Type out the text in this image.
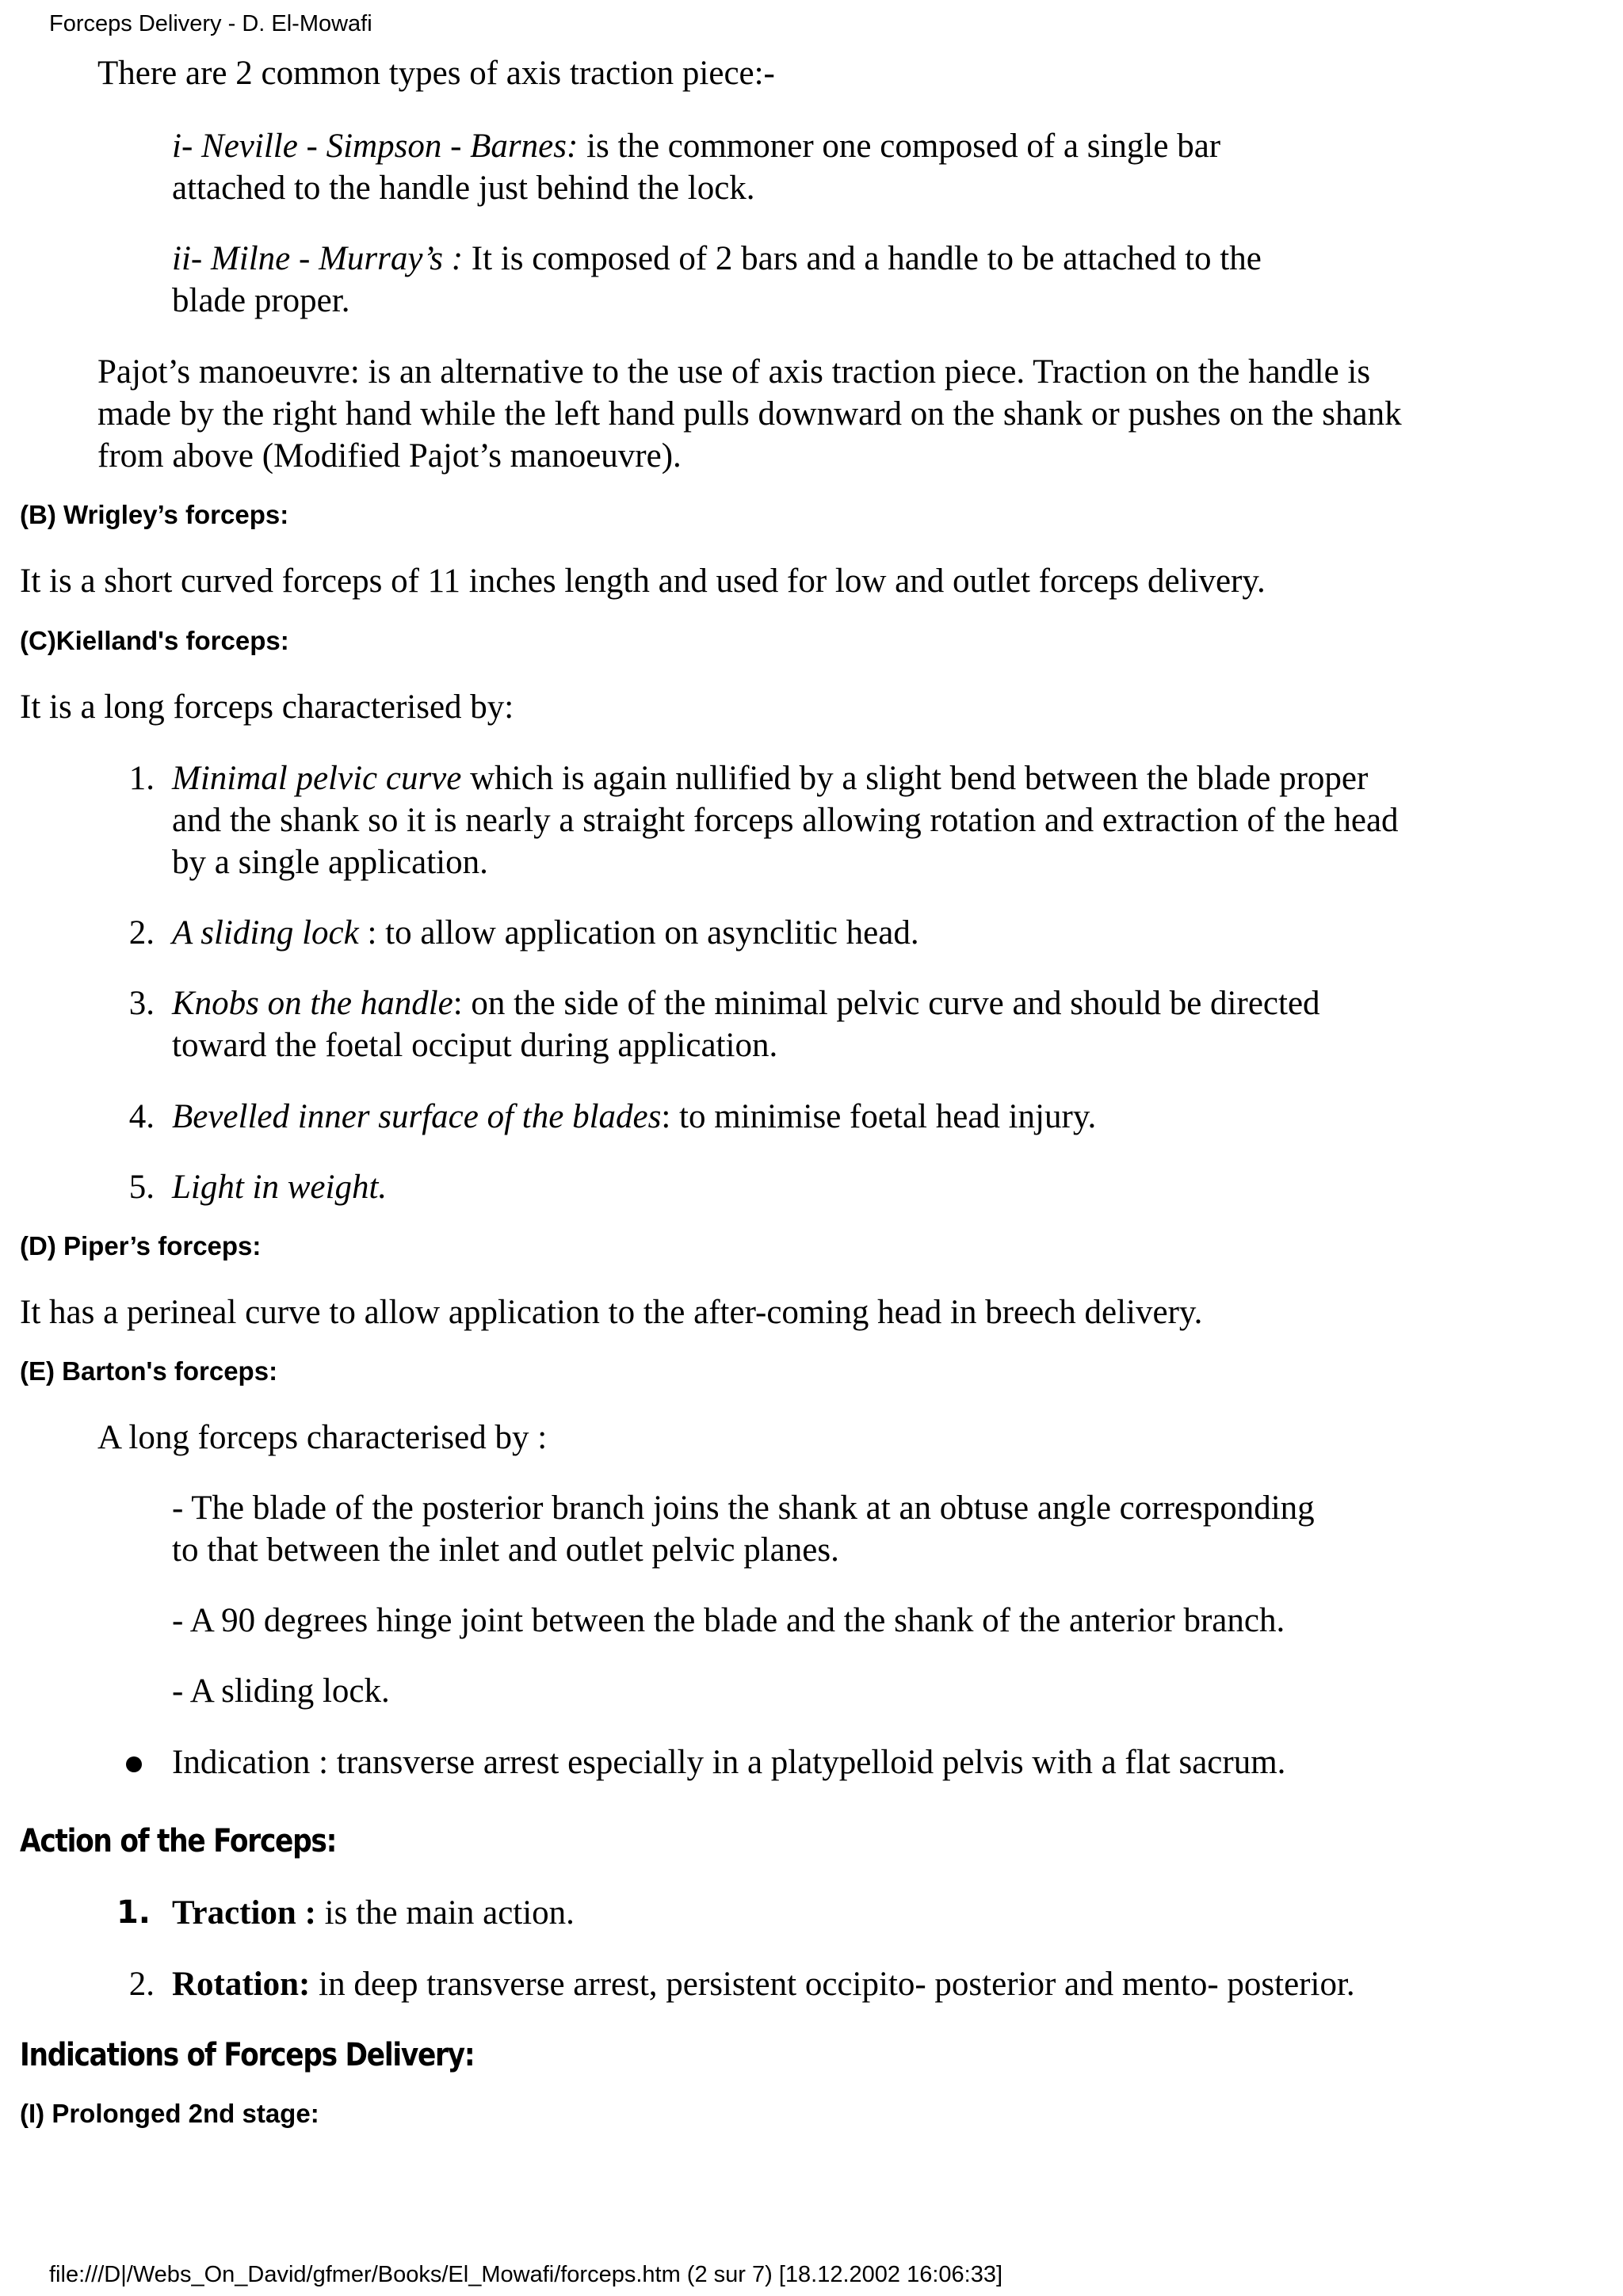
Forceps Delivery - D. El-Mowafi

There are 2 common types of axis traction piece:-

i- Neville - Simpson - Barnes: is the commoner one composed of a single bar

attached to the handle just behind the lock.

ii- Milne - Murray’s : It is composed of 2 bars and a handle to be attached to the

blade proper.

Pajot’s manoeuvre: is an alternative to the use of axis traction piece. Traction on the handle is

made by the right hand while the left hand pulls downward on the shank or pushes on the shank

from above (Modified Pajot’s manoeuvre).

(B) Wrigley’s forceps:

It is a short curved forceps of 11 inches length and used for low and outlet forceps delivery.

(C)Kielland's forceps:

It is a long forceps characterised by:

1. Minimal pelvic curve which is again nullified by a slight bend between the blade proper

and the shank so it is nearly a straight forceps allowing rotation and extraction of the head

by a single application.

2. A sliding lock : to allow application on asynclitic head.

3. Knobs on the handle: on the side of the minimal pelvic curve and should be directed

toward the foetal occiput during application.

4. Bevelled inner surface of the blades: to minimise foetal head injury.

5. Light in weight.

(D) Piper’s forceps:

It has a perineal curve to allow application to the after-coming head in breech delivery.

(E) Barton's forceps:

A long forceps characterised by :

- The blade of the posterior branch joins the shank at an obtuse angle corresponding

to that between the inlet and outlet pelvic planes.

- A 90 degrees hinge joint between the blade and the shank of the anterior branch.

- A sliding lock.

Indication : transverse arrest especially in a platypelloid pelvis with a flat sacrum.

Action of the Forceps:
1. Traction : is the main action.

2. Rotation: in deep transverse arrest, persistent occipito- posterior and mento- posterior.

Indications of Forceps Delivery:
(I) Prolonged 2nd stage:
file:///D|/Webs_On_David/gfmer/Books/El_Mowafi/forceps.htm (2 sur 7) [18.12.2002 16:06:33]
